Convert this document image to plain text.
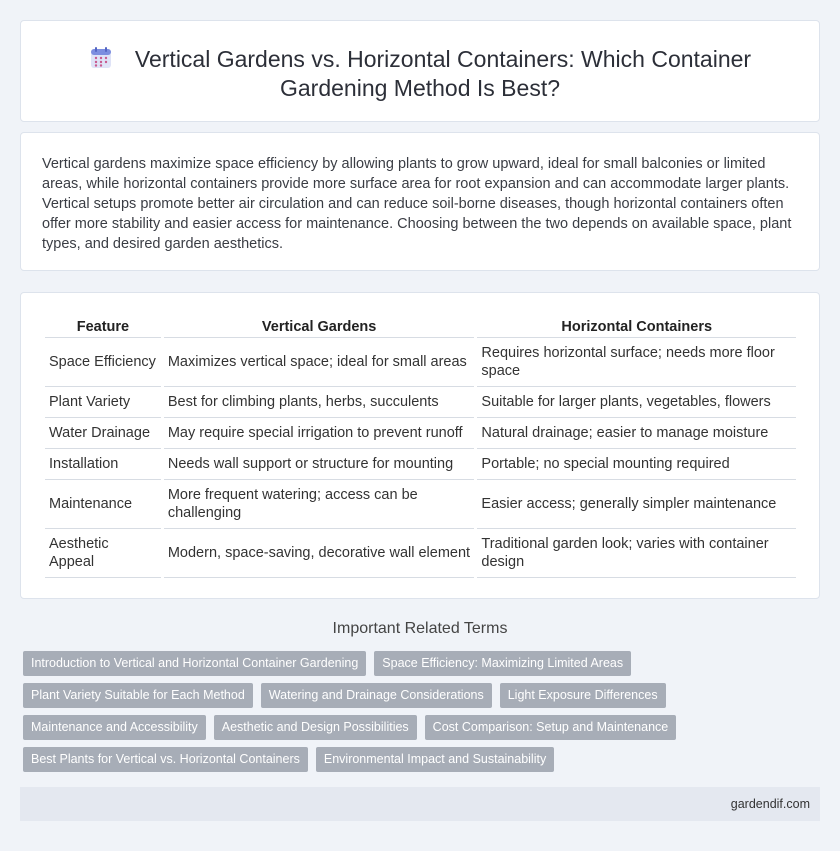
Vertical Gardens vs. Horizontal Containers: Which Container Gardening Method Is Best?

Vertical gardens maximize space efficiency by allowing plants to grow upward, ideal for small balconies or limited areas, while horizontal containers provide more surface area for root expansion and can accommodate larger plants. Vertical setups promote better air circulation and can reduce soil-borne diseases, though horizontal containers often offer more stability and easier access for maintenance. Choosing between the two depends on available space, plant types, and desired garden aesthetics.

Feature	Vertical Gardens	Horizontal Containers
Space Efficiency	Maximizes vertical space; ideal for small areas	Requires horizontal surface; needs more floor space
Plant Variety	Best for climbing plants, herbs, succulents	Suitable for larger plants, vegetables, flowers
Water Drainage	May require special irrigation to prevent runoff	Natural drainage; easier to manage moisture
Installation	Needs wall support or structure for mounting	Portable; no special mounting required
Maintenance	More frequent watering; access can be challenging	Easier access; generally simpler maintenance
Aesthetic Appeal	Modern, space-saving, decorative wall element	Traditional garden look; varies with container design
Important Related Terms
Introduction to Vertical and Horizontal Container Gardening	Space Efficiency: Maximizing Limited Areas
Plant Variety Suitable for Each Method	Watering and Drainage Considerations	Light Exposure Differences
Maintenance and Accessibility	Aesthetic and Design Possibilities	Cost Comparison: Setup and Maintenance
Best Plants for Vertical vs. Horizontal Containers	Environmental Impact and Sustainability
gardendif.com
